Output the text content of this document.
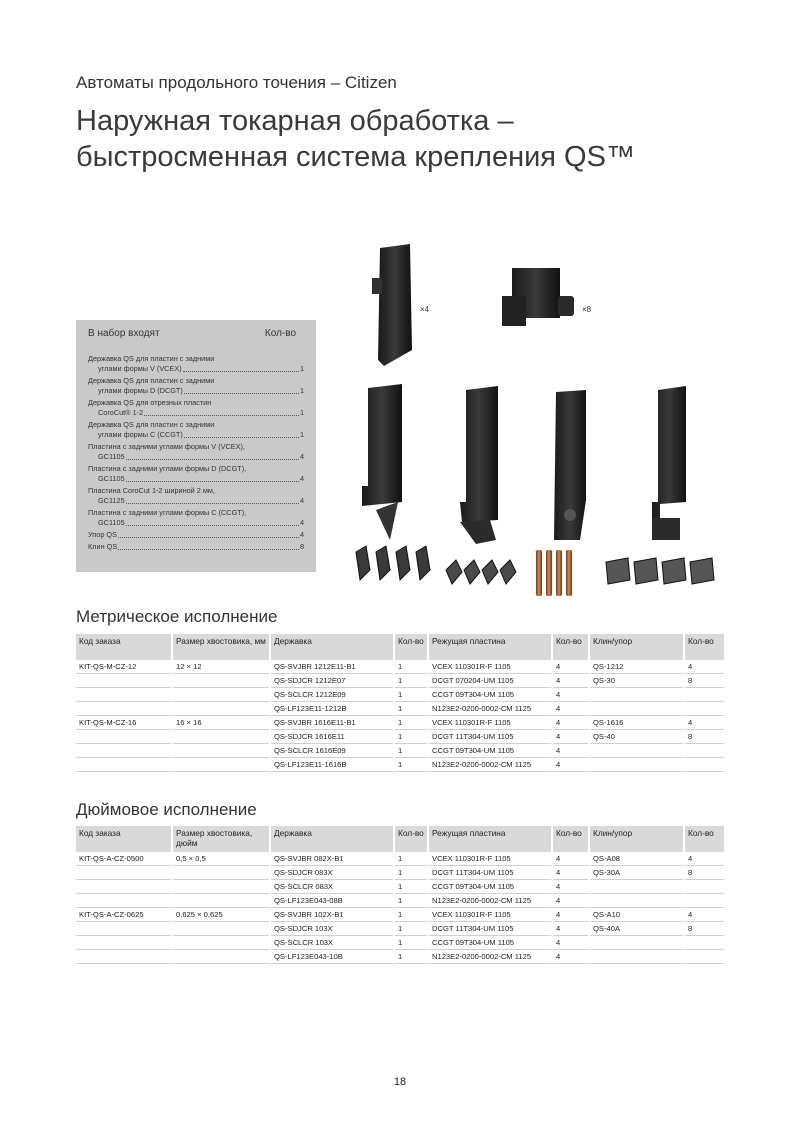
Автоматы продольного точения – Citizen
Наружная токарная обработка –
быстросменная система крепления QS™
В набор входят	Кол-во
Державка QS для пластин с задними
углами формы V (VCEX)	1
Державка QS для пластин с задними
углами формы D (DCGT)	1
Державка QS для отрезных пластин
CoroCut® 1-2	1
Державка QS для пластин с задними
углами формы C (CCGT)	1
Пластина с задними углами формы V (VCEX),
GC1105	4
Пластина с задними углами формы D (DCGT),
GC1105	4
Пластина CoroCut 1-2 шириной 2 мм,
GC1125	4
Пластина с задними углами формы C (CCGT),
GC1105	4
Упор QS	4
Клин QS	8
×4	×8
Метрическое исполнение
Код заказа	Размер хвостовика, мм	Державка	Кол-во	Режущая пластина	Кол-во	Клин/упор	Кол-во
KIT-QS-M-CZ-12	12 × 12	QS-SVJBR 1212E11-B1	1	VCEX 110301R-F 1105	4	QS-1212	4
		QS-SDJCR 1212E07	1	DCGT 070204-UM 1105	4	QS-30	8
		QS-SCLCR 1212E09	1	CCGT 09T304-UM 1105	4		
		QS-LF123E11-1212B	1	N123E2-0200-0002-CM 1125	4		
KIT-QS-M-CZ-16	16 × 16	QS-SVJBR 1616E11-B1	1	VCEX 110301R-F 1105	4	QS-1616	4
		QS-SDJCR 1616E11	1	DCGT 11T304-UM 1105	4	QS-40	8
		QS-SCLCR 1616E09	1	CCGT 09T304-UM 1105	4		
		QS-LF123E11-1616B	1	N123E2-0200-0002-CM 1125	4		
Дюймовое исполнение
Код заказа	Размер хвостовика, дюйм	Державка	Кол-во	Режущая пластина	Кол-во	Клин/упор	Кол-во
KIT-QS-A-CZ-0500	0,5 × 0,5	QS-SVJBR 082X-B1	1	VCEX 110301R-F 1105	4	QS-A08	4
		QS-SDJCR 083X	1	DCGT 11T304-UM 1105	4	QS-30A	8
		QS-SCLCR 083X	1	CCGT 09T304-UM 1105	4		
		QS-LF123E043-08B	1	N123E2-0200-0002-CM 1125	4		
KIT-QS-A-CZ-0625	0,625 × 0,625	QS-SVJBR 102X-B1	1	VCEX 110301R-F 1105	4	QS-A10	4
		QS-SDJCR 103X	1	DCGT 11T304-UM 1105	4	QS-40A	8
		QS-SCLCR 103X	1	CCGT 09T304-UM 1105	4		
		QS-LF123E043-10B	1	N123E2-0200-0002-CM 1125	4		
18
